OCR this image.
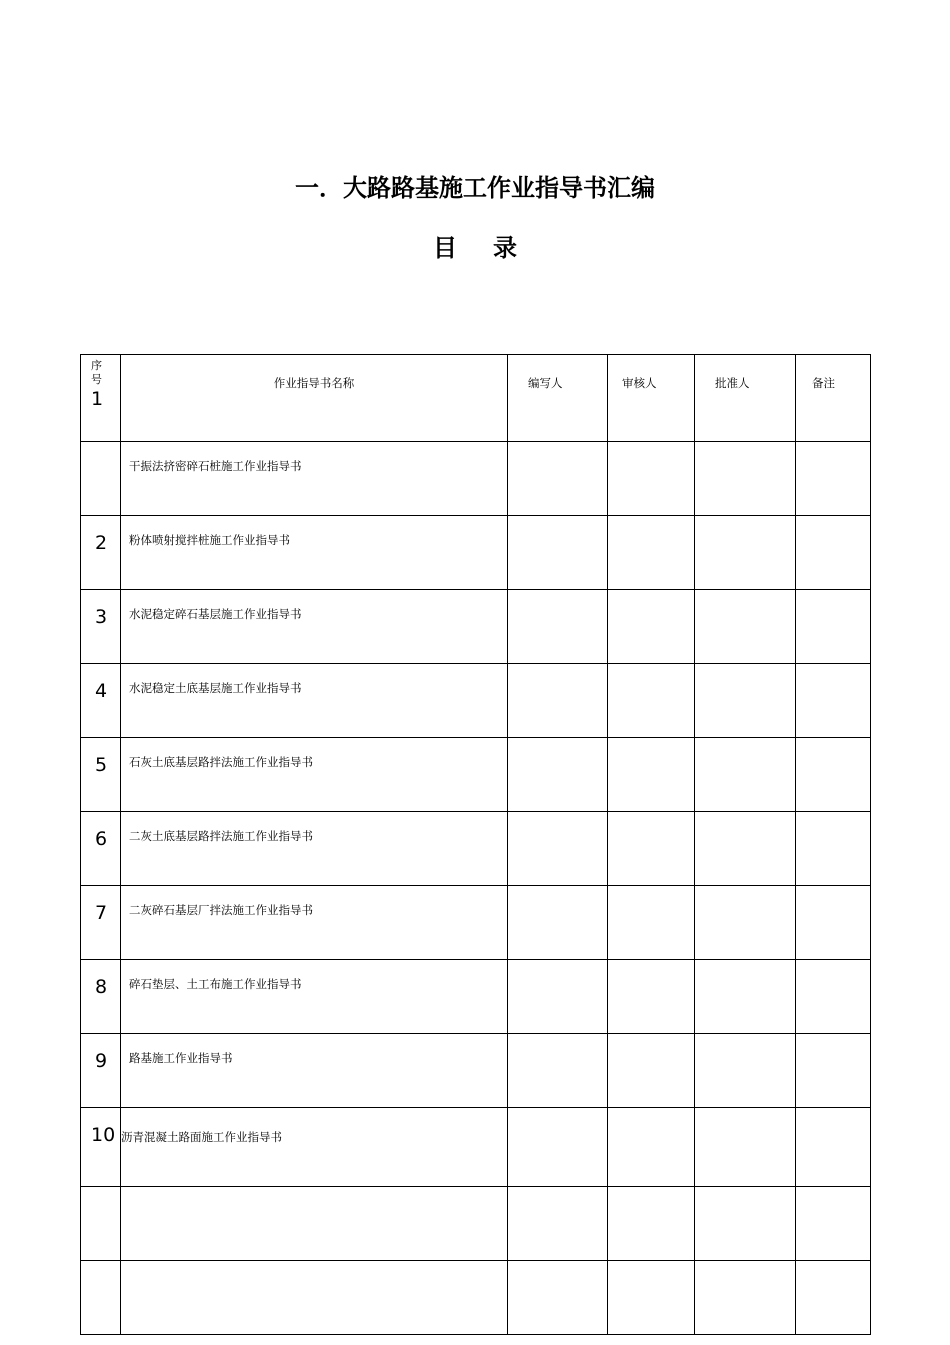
一．大路路基施工作业指导书汇编
目 录
序
号
1	作业指导书名称	编写人	审核人	批准人	备注

	干振法挤密碎石桩施工作业指导书				

2	粉体喷射搅拌桩施工作业指导书				

3	水泥稳定碎石基层施工作业指导书				

4	水泥稳定土底基层施工作业指导书				

5	石灰土底基层路拌法施工作业指导书				

6	二灰土底基层路拌法施工作业指导书				

7	二灰碎石基层厂拌法施工作业指导书				

8	碎石垫层、土工布施工作业指导书				

9	路基施工作业指导书				

10	沥青混凝土路面施工作业指导书				
